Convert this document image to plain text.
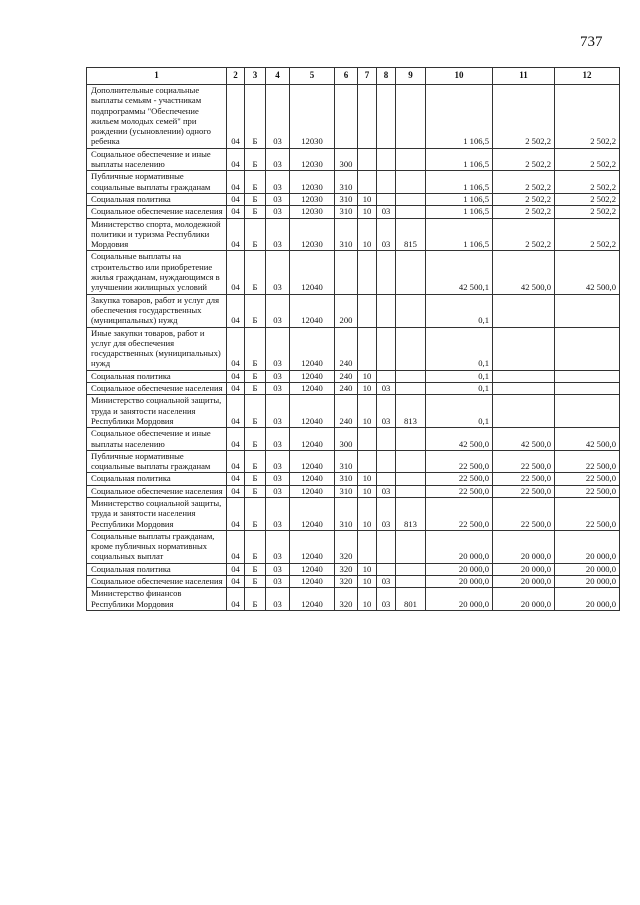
737
1	2	3	4	5	6	7	8	9	10	11	12
Дополнительные социальные выплаты семьям - участникам подпрограммы "Обеспечение жильем молодых семей" при рождении (усыновлении) одного ребенка	04	Б	03	12030					1 106,5	2 502,2	2 502,2
Социальное обеспечение и иные выплаты населению	04	Б	03	12030	300				1 106,5	2 502,2	2 502,2
Публичные нормативные социальные выплаты гражданам	04	Б	03	12030	310				1 106,5	2 502,2	2 502,2
Социальная политика	04	Б	03	12030	310	10			1 106,5	2 502,2	2 502,2
Социальное обеспечение населения	04	Б	03	12030	310	10	03		1 106,5	2 502,2	2 502,2
Министерство спорта, молодежной политики и туризма Республики Мордовия	04	Б	03	12030	310	10	03	815	1 106,5	2 502,2	2 502,2
Социальные выплаты на строительство или приобретение жилья гражданам, нуждающимся в улучшении жилищных условий	04	Б	03	12040					42 500,1	42 500,0	42 500,0
Закупка товаров, работ и услуг для обеспечения государственных (муниципальных) нужд	04	Б	03	12040	200				0,1		
Иные закупки товаров, работ и услуг для обеспечения государственных (муниципальных) нужд	04	Б	03	12040	240				0,1		
Социальная политика	04	Б	03	12040	240	10			0,1		
Социальное обеспечение населения	04	Б	03	12040	240	10	03		0,1		
Министерство социальной защиты, труда и занятости населения Республики Мордовия	04	Б	03	12040	240	10	03	813	0,1		
Социальное обеспечение и иные выплаты населению	04	Б	03	12040	300				42 500,0	42 500,0	42 500,0
Публичные нормативные социальные выплаты гражданам	04	Б	03	12040	310				22 500,0	22 500,0	22 500,0
Социальная политика	04	Б	03	12040	310	10			22 500,0	22 500,0	22 500,0
Социальное обеспечение населения	04	Б	03	12040	310	10	03		22 500,0	22 500,0	22 500,0
Министерство социальной защиты, труда и занятости населения Республики Мордовия	04	Б	03	12040	310	10	03	813	22 500,0	22 500,0	22 500,0
Социальные выплаты гражданам, кроме публичных нормативных социальных выплат	04	Б	03	12040	320				20 000,0	20 000,0	20 000,0
Социальная политика	04	Б	03	12040	320	10			20 000,0	20 000,0	20 000,0
Социальное обеспечение населения	04	Б	03	12040	320	10	03		20 000,0	20 000,0	20 000,0
Министерство финансов Республики Мордовия	04	Б	03	12040	320	10	03	801	20 000,0	20 000,0	20 000,0
